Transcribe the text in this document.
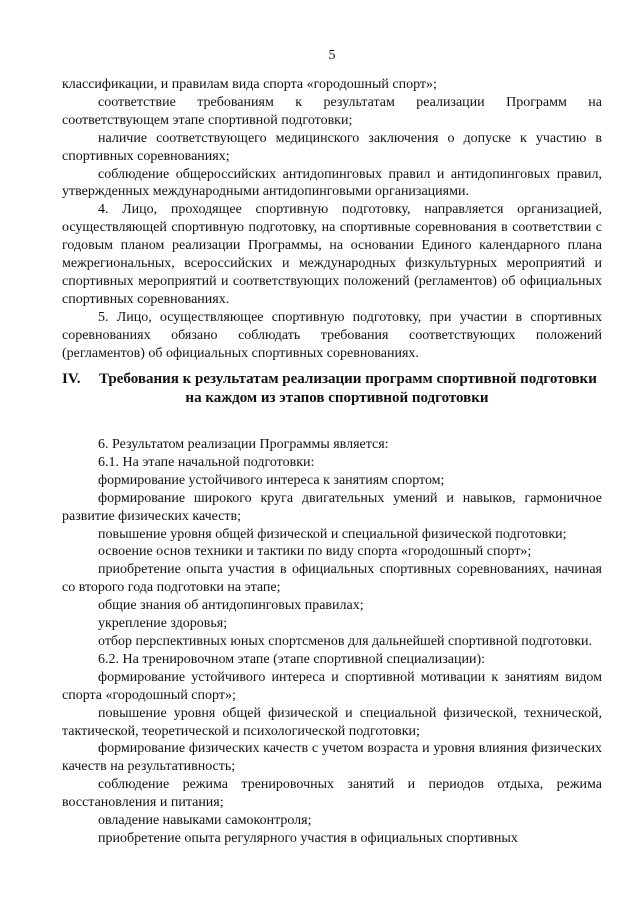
5

классификации, и правилам вида спорта «городошный спорт»;

соответствие требованиям к результатам реализации Программ на соответствующем этапе спортивной подготовки;

наличие соответствующего медицинского заключения о допуске к участию в спортивных соревнованиях;

соблюдение общероссийских антидопинговых правил и антидопинговых правил, утвержденных международными антидопинговыми организациями.

4. Лицо, проходящее спортивную подготовку, направляется организацией, осуществляющей спортивную подготовку, на спортивные соревнования в соответствии с годовым планом реализации Программы, на основании Единого календарного плана межрегиональных, всероссийских и международных физкультурных мероприятий и спортивных мероприятий и соответствующих положений (регламентов) об официальных спортивных соревнованиях.

5. Лицо, осуществляющее спортивную подготовку, при участии в спортивных соревнованиях обязано соблюдать требования соответствующих положений (регламентов) об официальных спортивных соревнованиях.

IV.	Требования к результатам реализации программ спортивной подготовки
на каждом из этапов спортивной подготовки

6. Результатом реализации Программы является:

6.1. На этапе начальной подготовки:

формирование устойчивого интереса к занятиям спортом;

формирование широкого круга двигательных умений и навыков, гармоничное развитие физических качеств;

повышение уровня общей физической и специальной физической подготовки;

освоение основ техники и тактики по виду спорта «городошный спорт»;

приобретение опыта участия в официальных спортивных соревнованиях, начиная со второго года подготовки на этапе;

общие знания об антидопинговых правилах;

укрепление здоровья;

отбор перспективных юных спортсменов для дальнейшей спортивной подготовки.

6.2. На тренировочном этапе (этапе спортивной специализации):

формирование устойчивого интереса и спортивной мотивации к занятиям видом спорта «городошный спорт»;

повышение уровня общей физической и специальной физической, технической, тактической, теоретической и психологической подготовки;

формирование физических качеств с учетом возраста и уровня влияния физических качеств на результативность;

соблюдение режима тренировочных занятий и периодов отдыха, режима восстановления и питания;

овладение навыками самоконтроля;

приобретение опыта регулярного участия в официальных спортивных
